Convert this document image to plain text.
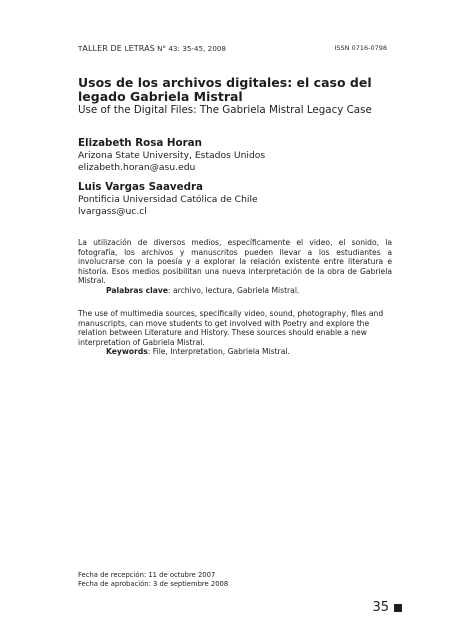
TALLER DE LETRAS N° 43: 35-45, 2008	ISSN 0716-0798
Usos de los archivos digitales: el caso del legado Gabriela Mistral

Use of the Digital Files: The Gabriela Mistral Legacy Case

Elizabeth Rosa Horan

Arizona State University, Estados Unidos

elizabeth.horan@asu.edu

Luis Vargas Saavedra

Pontificia Universidad Católica de Chile

lvargass@uc.cl

La utilización de diversos medios, específicamente el video, el sonido, la fotografía, los archivos y manuscritos pueden llevar a los estudiantes a involucrarse con la poesía y a explorar la relación existente entre literatura e historia. Esos medios posibilitan una nueva interpretación de la obra de Gabriela Mistral.
Palabras clave: archivo, lectura, Gabriela Mistral.
The use of multimedia sources, specifically video, sound, photography, files and manuscripts, can move students to get involved with Poetry and explore the relation between Literature and History. These sources should enable a new interpretation of Gabriela Mistral.
Keywords: File, Interpretation, Gabriela Mistral.
Fecha de recepción: 11 de octubre 2007
Fecha de aprobación: 3 de septiembre 2008
35
